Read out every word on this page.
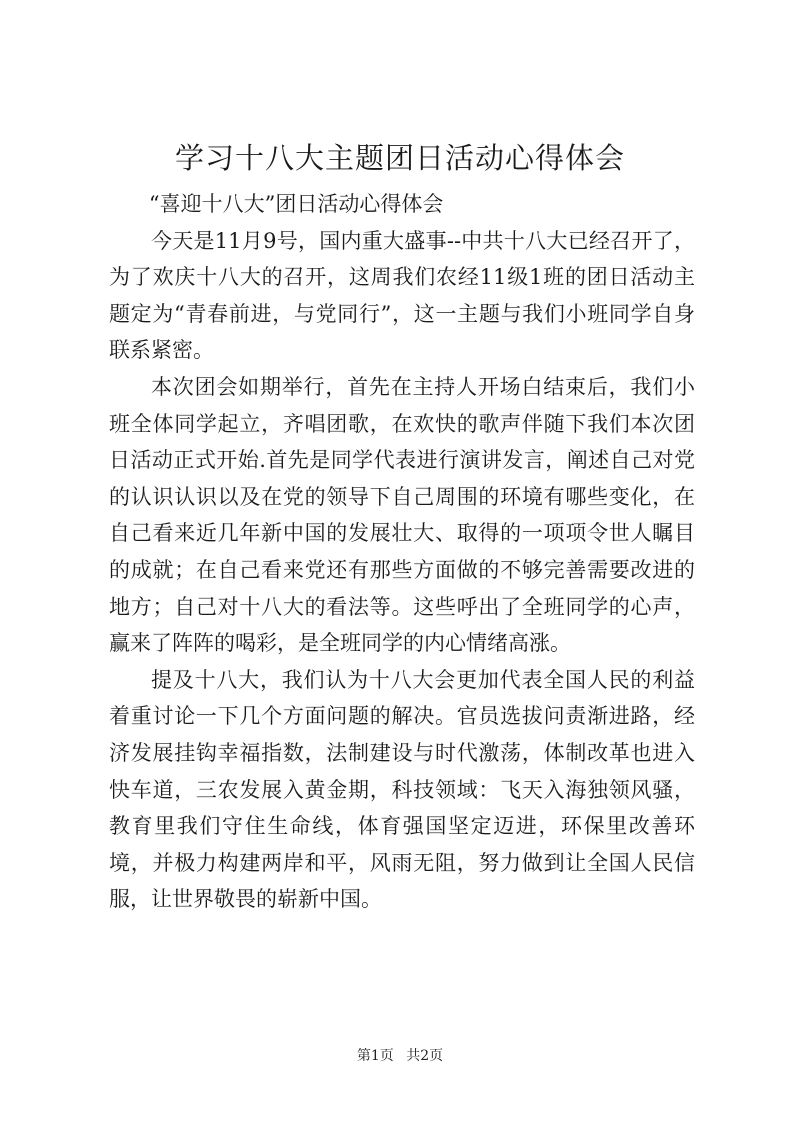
学习十八大主题团日活动心得体会

“喜迎十八大”团日活动心得体会

今天是11月9号，国内重大盛事--中共十八大已经召开了，为了欢庆十八大的召开，这周我们农经11级1班的团日活动主题定为“青春前进，与党同行”，这一主题与我们小班同学自身联系紧密。

本次团会如期举行，首先在主持人开场白结束后，我们小班全体同学起立，齐唱团歌，在欢快的歌声伴随下我们本次团日活动正式开始.首先是同学代表进行演讲发言，阐述自己对党的认识认识以及在党的领导下自己周围的环境有哪些变化，在自己看来近几年新中国的发展壮大、取得的一项项令世人瞩目的成就；在自己看来党还有那些方面做的不够完善需要改进的地方；自己对十八大的看法等。这些呼出了全班同学的心声，赢来了阵阵的喝彩，是全班同学的内心情绪高涨。

提及十八大，我们认为十八大会更加代表全国人民的利益着重讨论一下几个方面问题的解决。官员选拔问责渐进路，经济发展挂钩幸福指数，法制建设与时代激荡，体制改革也进入快车道，三农发展入黄金期，科技领域：飞天入海独领风骚，教育里我们守住生命线，体育强国坚定迈进，环保里改善环境，并极力构建两岸和平，风雨无阻，努力做到让全国人民信服，让世界敬畏的崭新中国。

第1页 共2页
